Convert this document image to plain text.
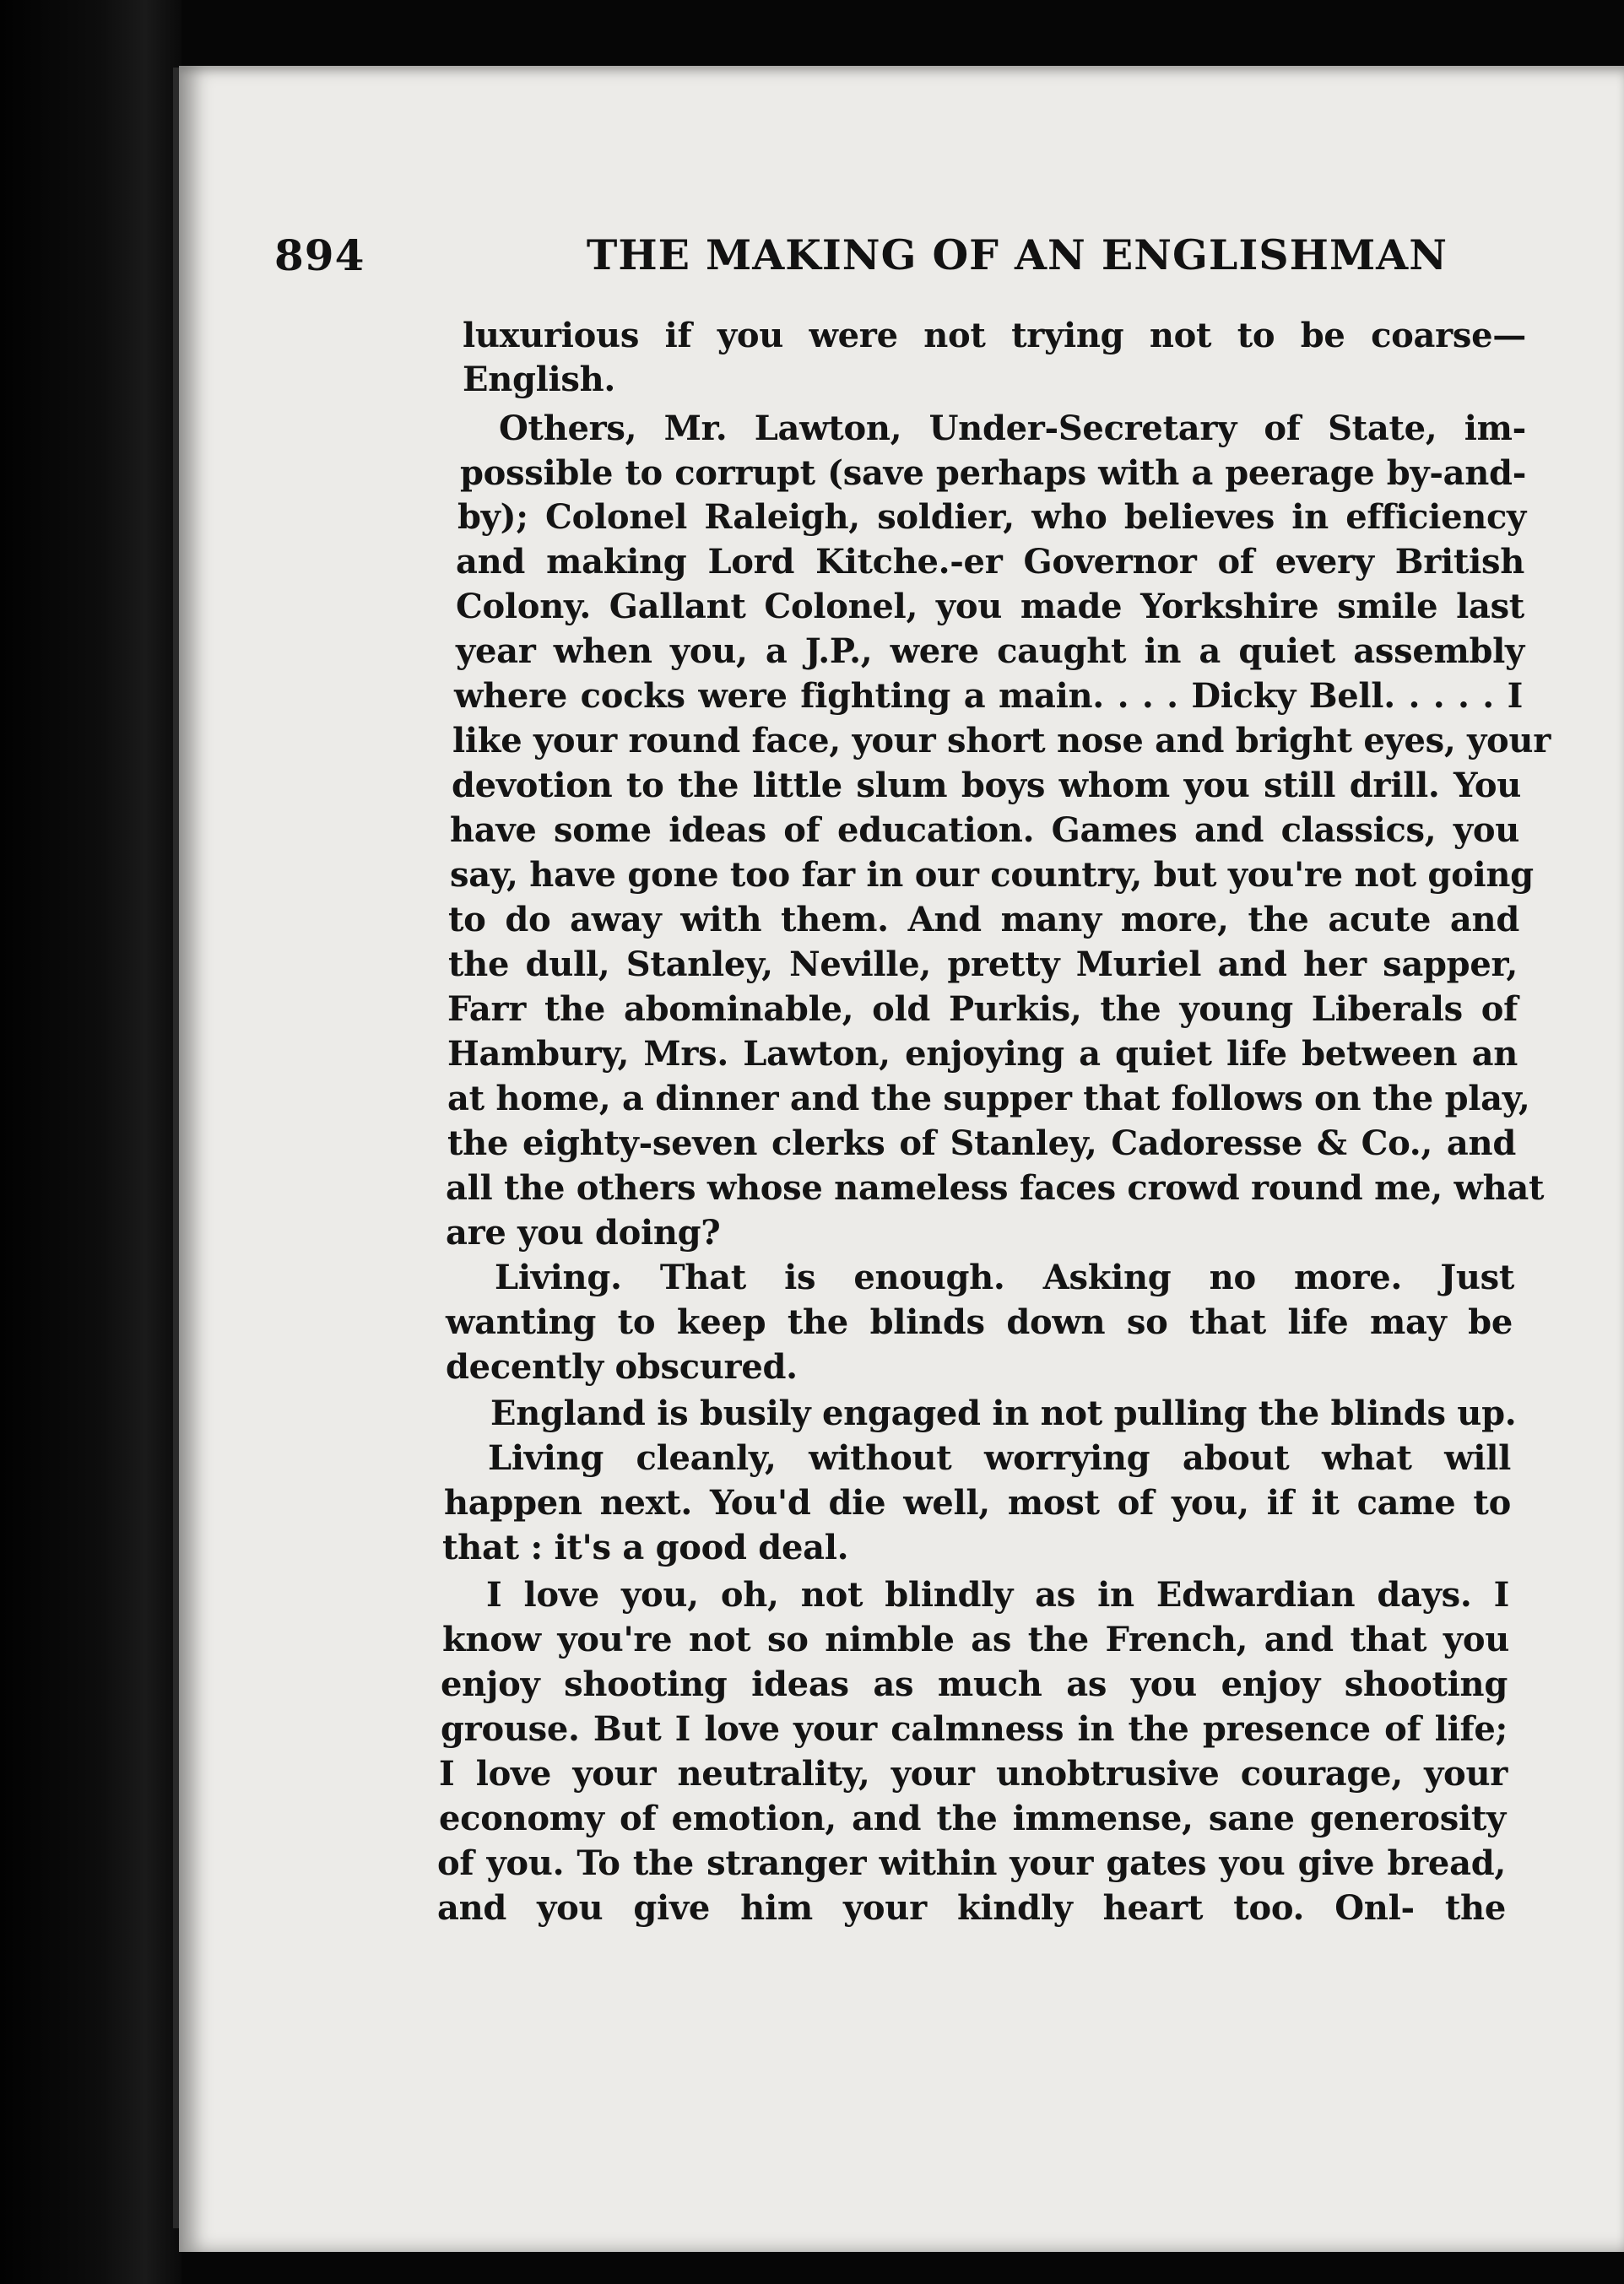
894	THE MAKING OF AN ENGLISHMAN
luxurious if you were not trying not to be coarse—
English.
Others, Mr. Lawton, Under-Secretary of State, im-
possible to corrupt (save perhaps with a peerage by-and-
by); Colonel Raleigh, soldier, who believes in efficiency
and making Lord Kitche.-er Governor of every British
Colony. Gallant Colonel, you made Yorkshire smile last
year when you, a J.P., were caught in a quiet assembly
where cocks were fighting a main. . . . Dicky Bell. . . . . I
like your round face, your short nose and bright eyes, your
devotion to the little slum boys whom you still drill. You
have some ideas of education. Games and classics, you
say, have gone too far in our country, but you're not going
to do away with them. And many more, the acute and
the dull, Stanley, Neville, pretty Muriel and her sapper,
Farr the abominable, old Purkis, the young Liberals of
Hambury, Mrs. Lawton, enjoying a quiet life between an
at home, a dinner and the supper that follows on the play,
the eighty-seven clerks of Stanley, Cadoresse & Co., and
all the others whose nameless faces crowd round me, what
are you doing?
Living. That is enough. Asking no more. Just
wanting to keep the blinds down so that life may be
decently obscured.
England is busily engaged in not pulling the blinds up.
Living cleanly, without worrying about what will
happen next. You'd die well, most of you, if it came to
that : it's a good deal.
I love you, oh, not blindly as in Edwardian days. I
know you're not so nimble as the French, and that you
enjoy shooting ideas as much as you enjoy shooting
grouse. But I love your calmness in the presence of life;
I love your neutrality, your unobtrusive courage, your
economy of emotion, and the immense, sane generosity
of you. To the stranger within your gates you give bread,
and you give him your kindly heart too. Onl- the
